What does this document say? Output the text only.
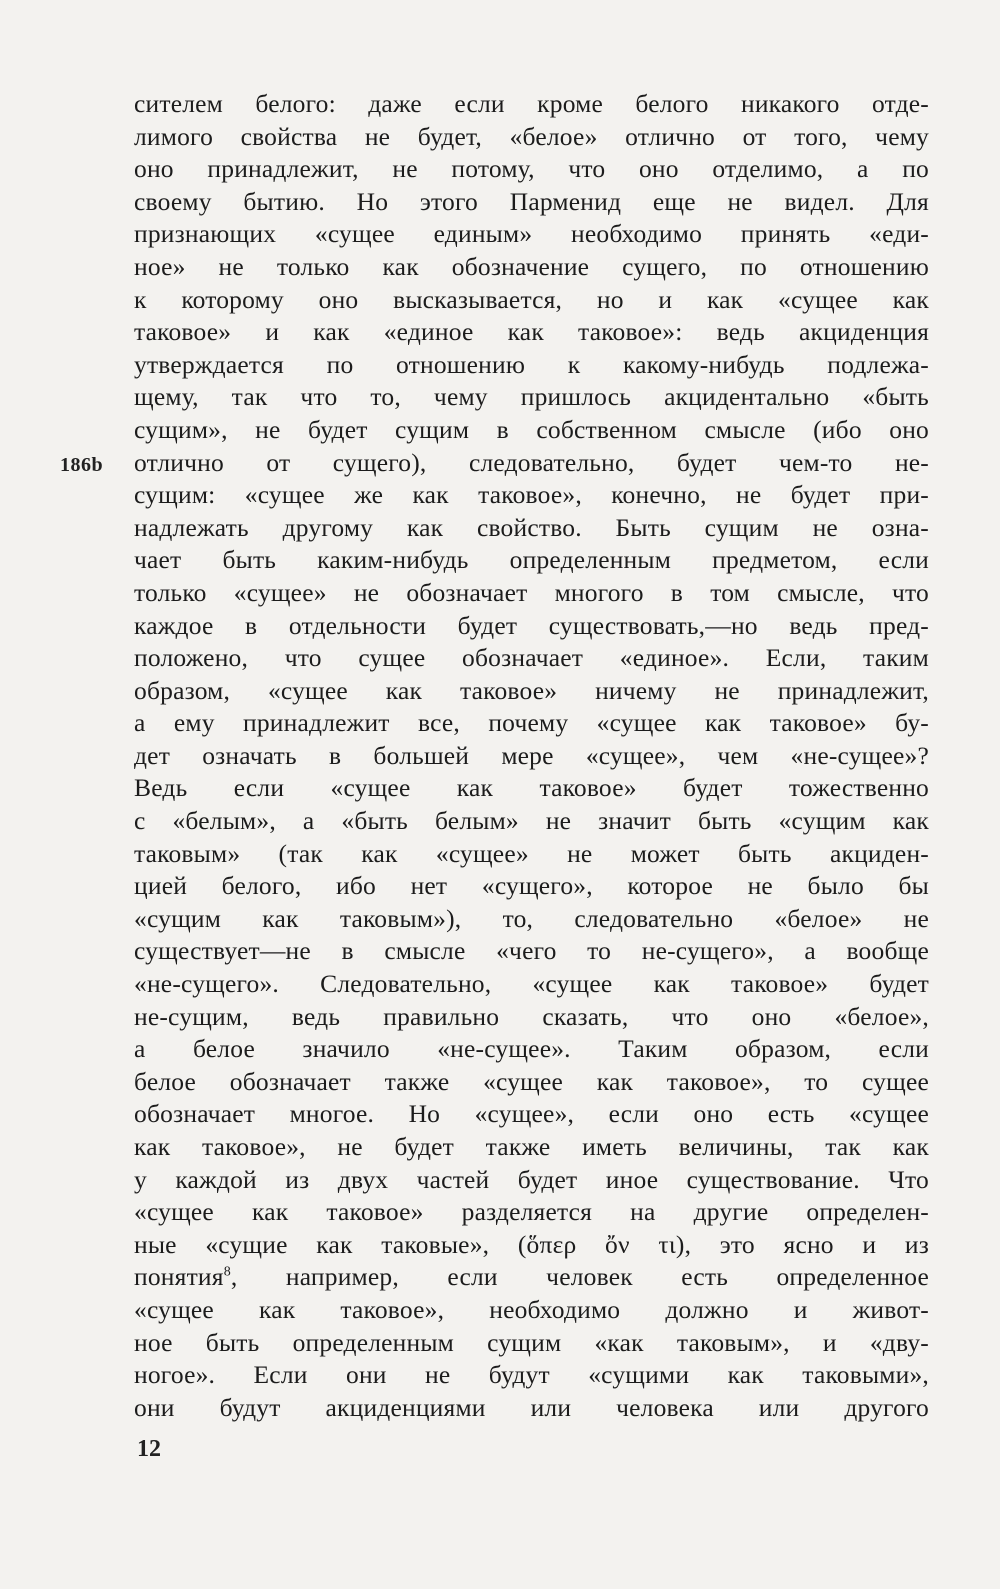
186b
сителем белого: даже если кроме белого никакого отде-
лимого свойства не будет, «белое» отлично от того, чему
оно принадлежит, не потому, что оно отделимо, а по
своему бытию. Но этого Парменид еще не видел. Для
признающих «сущее единым» необходимо принять «еди-
ное» не только как обозначение сущего, по отношению
к которому оно высказывается, но и как «сущее как
таковое» и как «единое как таковое»: ведь акциденция
утверждается по отношению к какому-нибудь подлежа-
щему, так что то, чему пришлось акцидентально «быть
сущим», не будет сущим в собственном смысле (ибо оно
отлично от сущего), следовательно, будет чем-то не-
сущим: «сущее же как таковое», конечно, не будет при-
надлежать другому как свойство. Быть сущим не озна-
чает быть каким-нибудь определенным предметом, если
только «сущее» не обозначает многого в том смысле, что
каждое в отдельности будет существовать,—но ведь пред-
положено, что сущее обозначает «единое». Если, таким
образом, «сущее как таковое» ничему не принадлежит,
а ему принадлежит все, почему «сущее как таковое» бу-
дет означать в большей мере «сущее», чем «не-сущее»?
Ведь если «сущее как таковое» будет тожественно
с «белым», а «быть белым» не значит быть «сущим как
таковым» (так как «сущее» не может быть акциден-
цией белого, ибо нет «сущего», которое не было бы
«сущим как таковым»), то, следовательно «белое» не
существует—не в смысле «чего то не-сущего», а вообще
«не-сущего». Следовательно, «сущее как таковое» будет
не-сущим, ведь правильно сказать, что оно «белое»,
а белое значило «не-сущее». Таким образом, если
белое обозначает также «сущее как таковое», то сущее
обозначает многое. Но «сущее», если оно есть «сущее
как таковое», не будет также иметь величины, так как
у каждой из двух частей будет иное существование. Что
«сущее как таковое» разделяется на другие определен-
ные «сущие как таковые», (ὅπερ ὄν τι), это ясно и из
понятия$^8$, например, если человек есть определенное
«сущее как таковое», необходимо должно и живот-
ное быть определенным сущим «как таковым», и «дву-
ногое». Если они не будут «сущими как таковыми»,
они будут акциденциями или человека или другого
12
